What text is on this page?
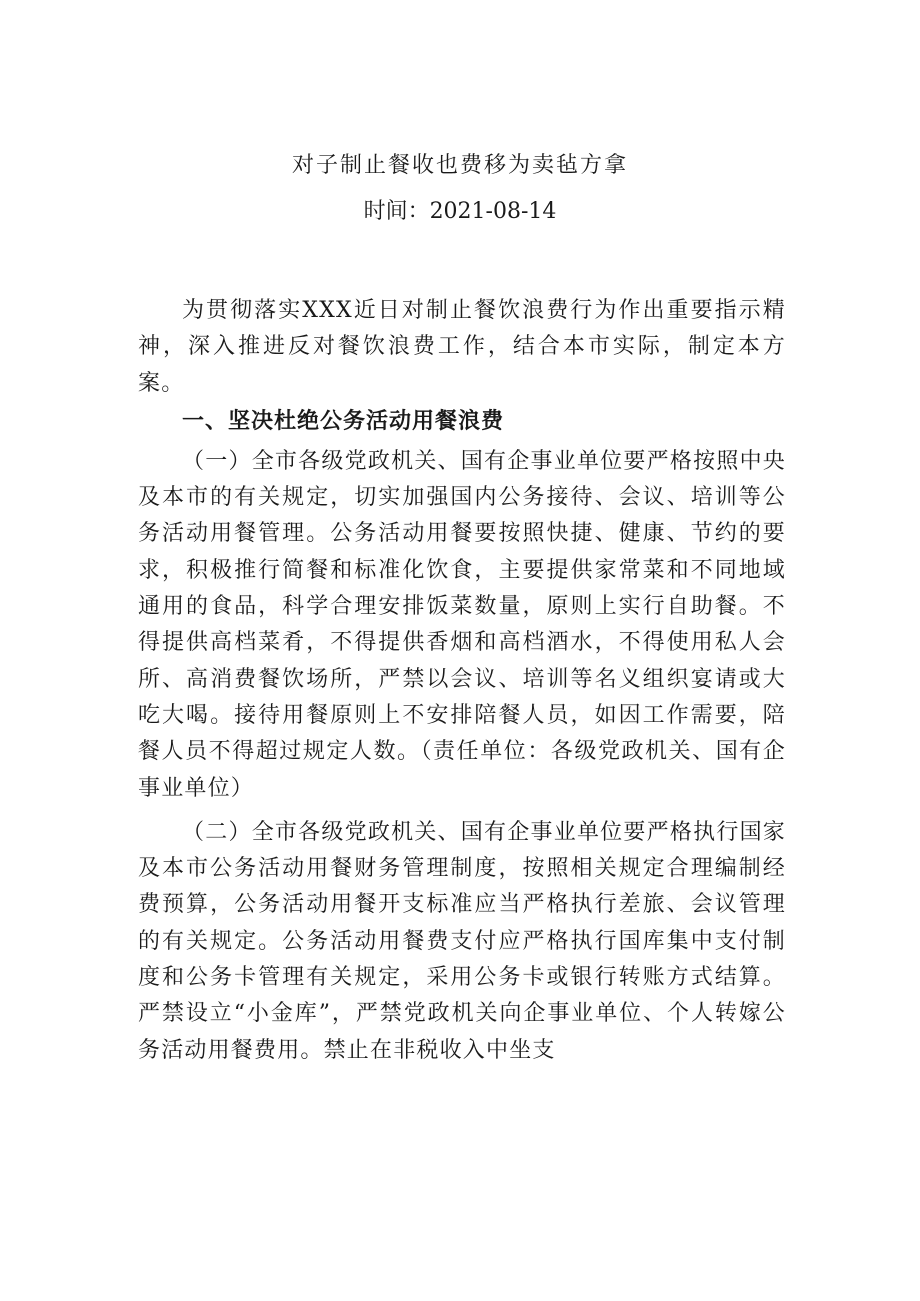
对子制止餐收也费移为卖毡方拿
时间：2021-08-14

为贯彻落实XXX近日对制止餐饮浪费行为作出重要指示精神，深入推进反对餐饮浪费工作，结合本市实际，制定本方案。

一、坚决杜绝公务活动用餐浪费

（一）全市各级党政机关、国有企事业单位要严格按照中央及本市的有关规定，切实加强国内公务接待、会议、培训等公务活动用餐管理。公务活动用餐要按照快捷、健康、节约的要求，积极推行简餐和标准化饮食，主要提供家常菜和不同地域通用的食品，科学合理安排饭菜数量，原则上实行自助餐。不得提供高档菜肴，不得提供香烟和高档酒水，不得使用私人会所、高消费餐饮场所，严禁以会议、培训等名义组织宴请或大吃大喝。接待用餐原则上不安排陪餐人员，如因工作需要，陪餐人员不得超过规定人数。（责任单位：各级党政机关、国有企事业单位）

（二）全市各级党政机关、国有企事业单位要严格执行国家及本市公务活动用餐财务管理制度，按照相关规定合理编制经费预算，公务活动用餐开支标准应当严格执行差旅、会议管理的有关规定。公务活动用餐费支付应严格执行国库集中支付制度和公务卡管理有关规定，采用公务卡或银行转账方式结算。严禁设立“小金库”，严禁党政机关向企事业单位、个人转嫁公务活动用餐费用。禁止在非税收入中坐支
